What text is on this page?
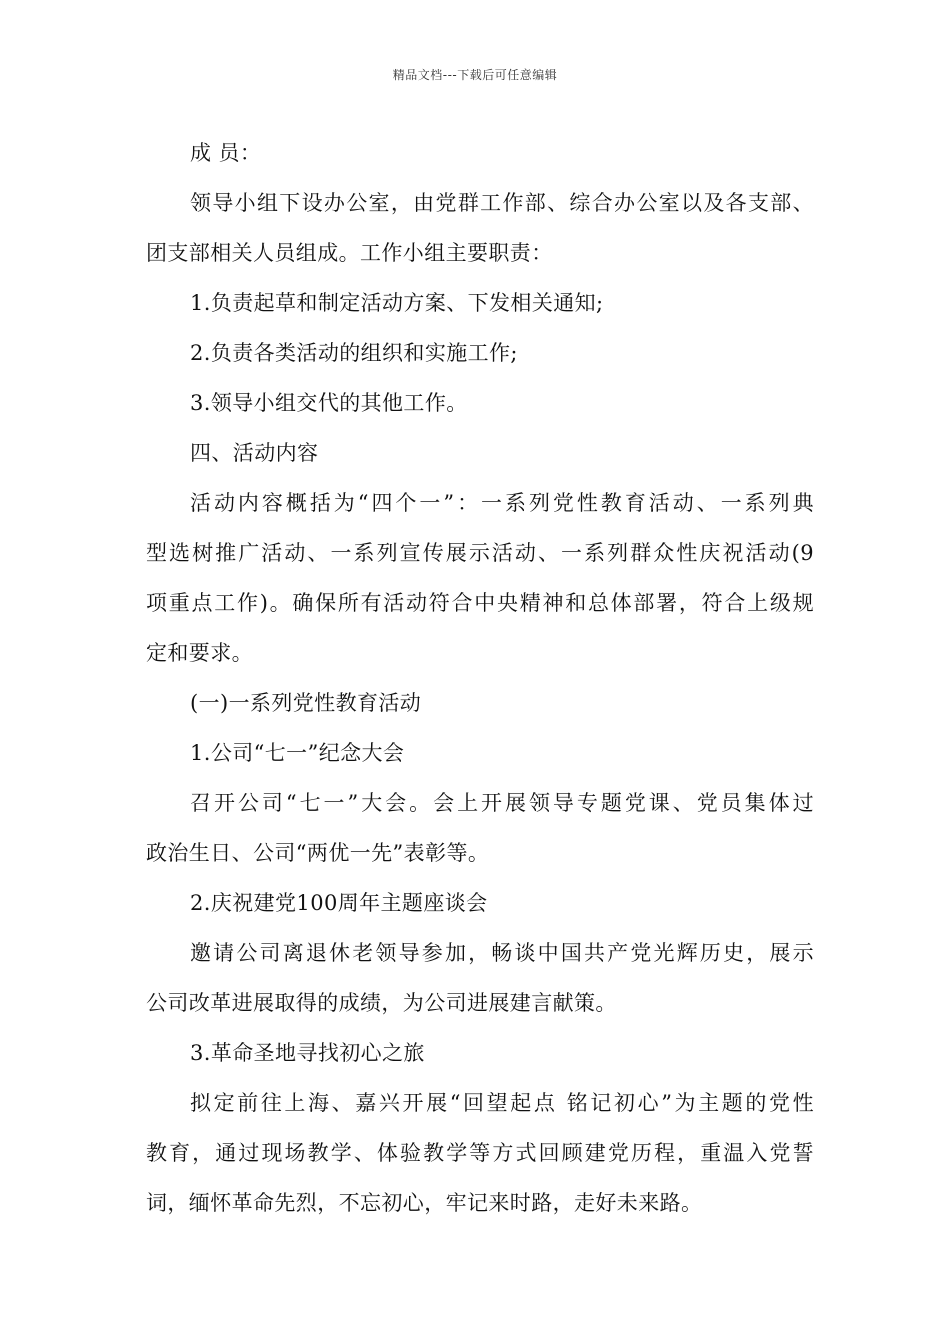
精品文档---下载后可任意编辑
成 员：
领导小组下设办公室，由党群工作部、综合办公室以及各支部、
团支部相关人员组成。工作小组主要职责：
1.负责起草和制定活动方案、下发相关通知;
2.负责各类活动的组织和实施工作;
3.领导小组交代的其他工作。
四、活动内容
活动内容概括为“四个一”：一系列党性教育活动、一系列典
型选树推广活动、一系列宣传展示活动、一系列群众性庆祝活动(9
项重点工作)。确保所有活动符合中央精神和总体部署，符合上级规
定和要求。
(一)一系列党性教育活动
1.公司“七一”纪念大会
召开公司“七一”大会。会上开展领导专题党课、党员集体过
政治生日、公司“两优一先”表彰等。
2.庆祝建党100周年主题座谈会
邀请公司离退休老领导参加，畅谈中国共产党光辉历史，展示
公司改革进展取得的成绩，为公司进展建言献策。
3.革命圣地寻找初心之旅
拟定前往上海、嘉兴开展“回望起点 铭记初心”为主题的党性
教育，通过现场教学、体验教学等方式回顾建党历程，重温入党誓
词，缅怀革命先烈，不忘初心，牢记来时路，走好未来路。
